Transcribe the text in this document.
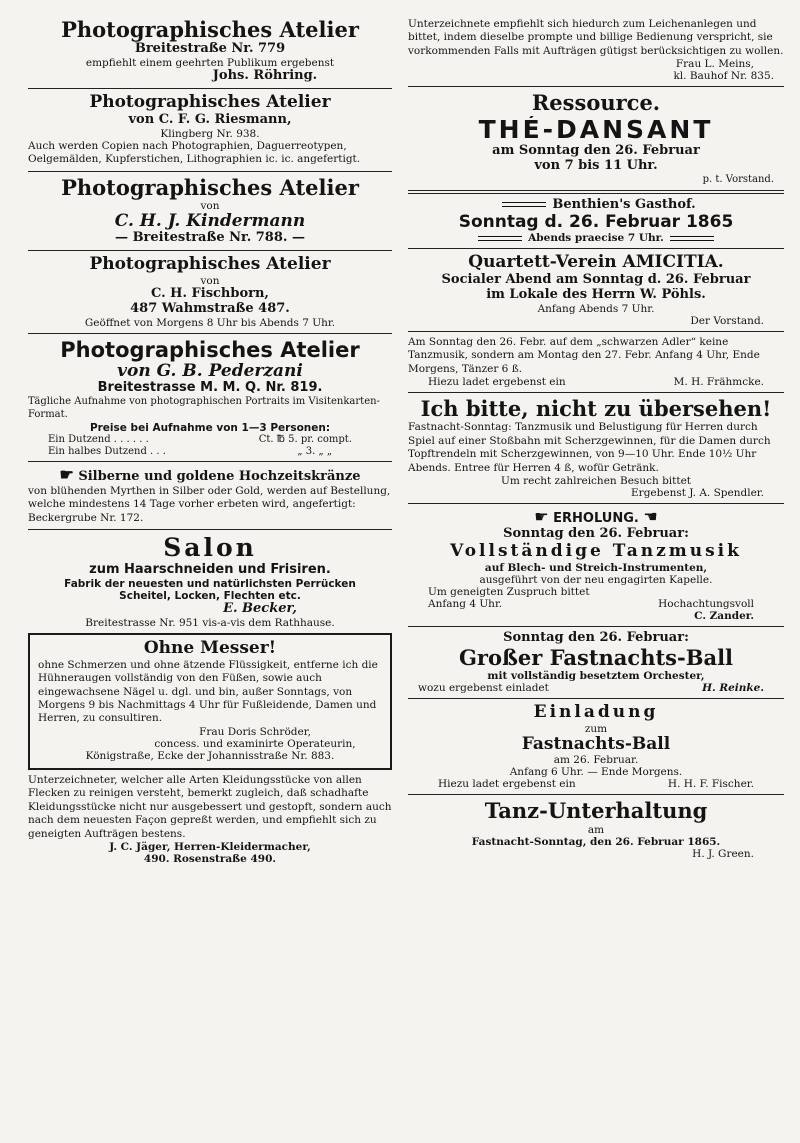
Photographisches Atelier
Breitestraße Nr. 779
empfiehlt einem geehrten Publikum ergebenst
Johs. Röhring.
Photographisches Atelier
von C. F. G. Riesmann,
Klingberg Nr. 938.
Auch werden Copien nach Photographien, Daguerreotypen, Oelgemälden, Kupferstichen, Lithographien ic. ic. angefertigt.
Photographisches Atelier
von
C. H. J. Kindermann
— Breitestraße Nr. 788. —
Photographisches Atelier
von
C. H. Fischborn,
487 Wahmstraße 487.
Geöffnet von Morgens 8 Uhr bis Abends 7 Uhr.
Photographisches Atelier
von G. B. Pederzani
Breitestrasse M. M. Q. Nr. 819.
Tägliche Aufnahme von photographischen Portraits im Visitenkarten-Format.
Preise bei Aufnahme von 1—3 Personen:
Ein Dutzend . . . . . .	Ct. ℔ 5. pr. compt.
Ein halbes Dutzend . . .	„ 3. „ „
☛ Silberne und goldene Hochzeitskränze
von blühenden Myrthen in Silber oder Gold, werden auf Bestellung, welche mindestens 14 Tage vorher erbeten wird, angefertigt: Beckergrube Nr. 172.
Salon
zum Haarschneiden und Frisiren.
Fabrik der neuesten und natürlichsten Perrücken
Scheitel, Locken, Flechten etc.
E. Becker,
Breitestrasse Nr. 951 vis-a-vis dem Rathhause.
Ohne Messer!
ohne Schmerzen und ohne ätzende Flüssigkeit, entferne ich die Hühneraugen vollständig von den Füßen, sowie auch eingewachsene Nägel u. dgl. und bin, außer Sonntags, von Morgens 9 bis Nachmittags 4 Uhr für Fußleidende, Damen und Herren, zu consultiren.
Frau Doris Schröder,
concess. und examinirte Operateurin,
Königstraße, Ecke der Johannisstraße Nr. 883.
Unterzeichneter, welcher alle Arten Kleidungsstücke von allen Flecken zu reinigen versteht, bemerkt zugleich, daß schadhafte Kleidungsstücke nicht nur ausgebessert und gestopft, sondern auch nach dem neuesten Façon gepreßt werden, und empfiehlt sich zu geneigten Aufträgen bestens.
J. C. Jäger, Herren-Kleidermacher,
490. Rosenstraße 490.
Unterzeichnete empfiehlt sich hiedurch zum Leichenanlegen und bittet, indem dieselbe prompte und billige Bedienung verspricht, sie vorkommenden Falls mit Aufträgen gütigst berücksichtigen zu wollen.
Frau L. Meins,
kl. Bauhof Nr. 835.
Ressource.
THÉ-DANSANT
am Sonntag den 26. Februar
von 7 bis 11 Uhr.
p. t. Vorstand.
Benthien's Gasthof.
Sonntag d. 26. Februar 1865
Abends praecise 7 Uhr.
Quartett-Verein AMICITIA.
Socialer Abend am Sonntag d. 26. Februar
im Lokale des Herrn W. Pöhls.
Anfang Abends 7 Uhr.
Der Vorstand.
Am Sonntag den 26. Febr. auf dem „schwarzen Adler“ keine Tanzmusik, sondern am Montag den 27. Febr. Anfang 4 Uhr, Ende Morgens, Tänzer 6 ß.
Hiezu ladet ergebenst ein	M. H. Frähmcke.
Ich bitte, nicht zu übersehen!
Fastnacht-Sonntag: Tanzmusik und Belustigung für Herren durch Spiel auf einer Stoßbahn mit Scherzgewinnen, für die Damen durch Topftrendeln mit Scherzgewinnen, von 9—10 Uhr. Ende 10½ Uhr Abends. Entree für Herren 4 ß, wofür Getränk.
Um recht zahlreichen Besuch bittet
Ergebenst J. A. Spendler.
☛ ERHOLUNG. ☚
Sonntag den 26. Februar:
Vollständige Tanzmusik
auf Blech- und Streich-Instrumenten,
ausgeführt von der neu engagirten Kapelle.
Um geneigten Zuspruch bittet
Anfang 4 Uhr.	Hochachtungsvoll
C. Zander.
Sonntag den 26. Februar:
Großer Fastnachts-Ball
mit vollständig besetztem Orchester,
wozu ergebenst einladet	H. Reinke.
Einladung
zum
Fastnachts-Ball
am 26. Februar.
Anfang 6 Uhr. — Ende Morgens.
Hiezu ladet ergebenst ein	H. H. F. Fischer.
Tanz-Unterhaltung
am
Fastnacht-Sonntag, den 26. Februar 1865.
H. J. Green.
